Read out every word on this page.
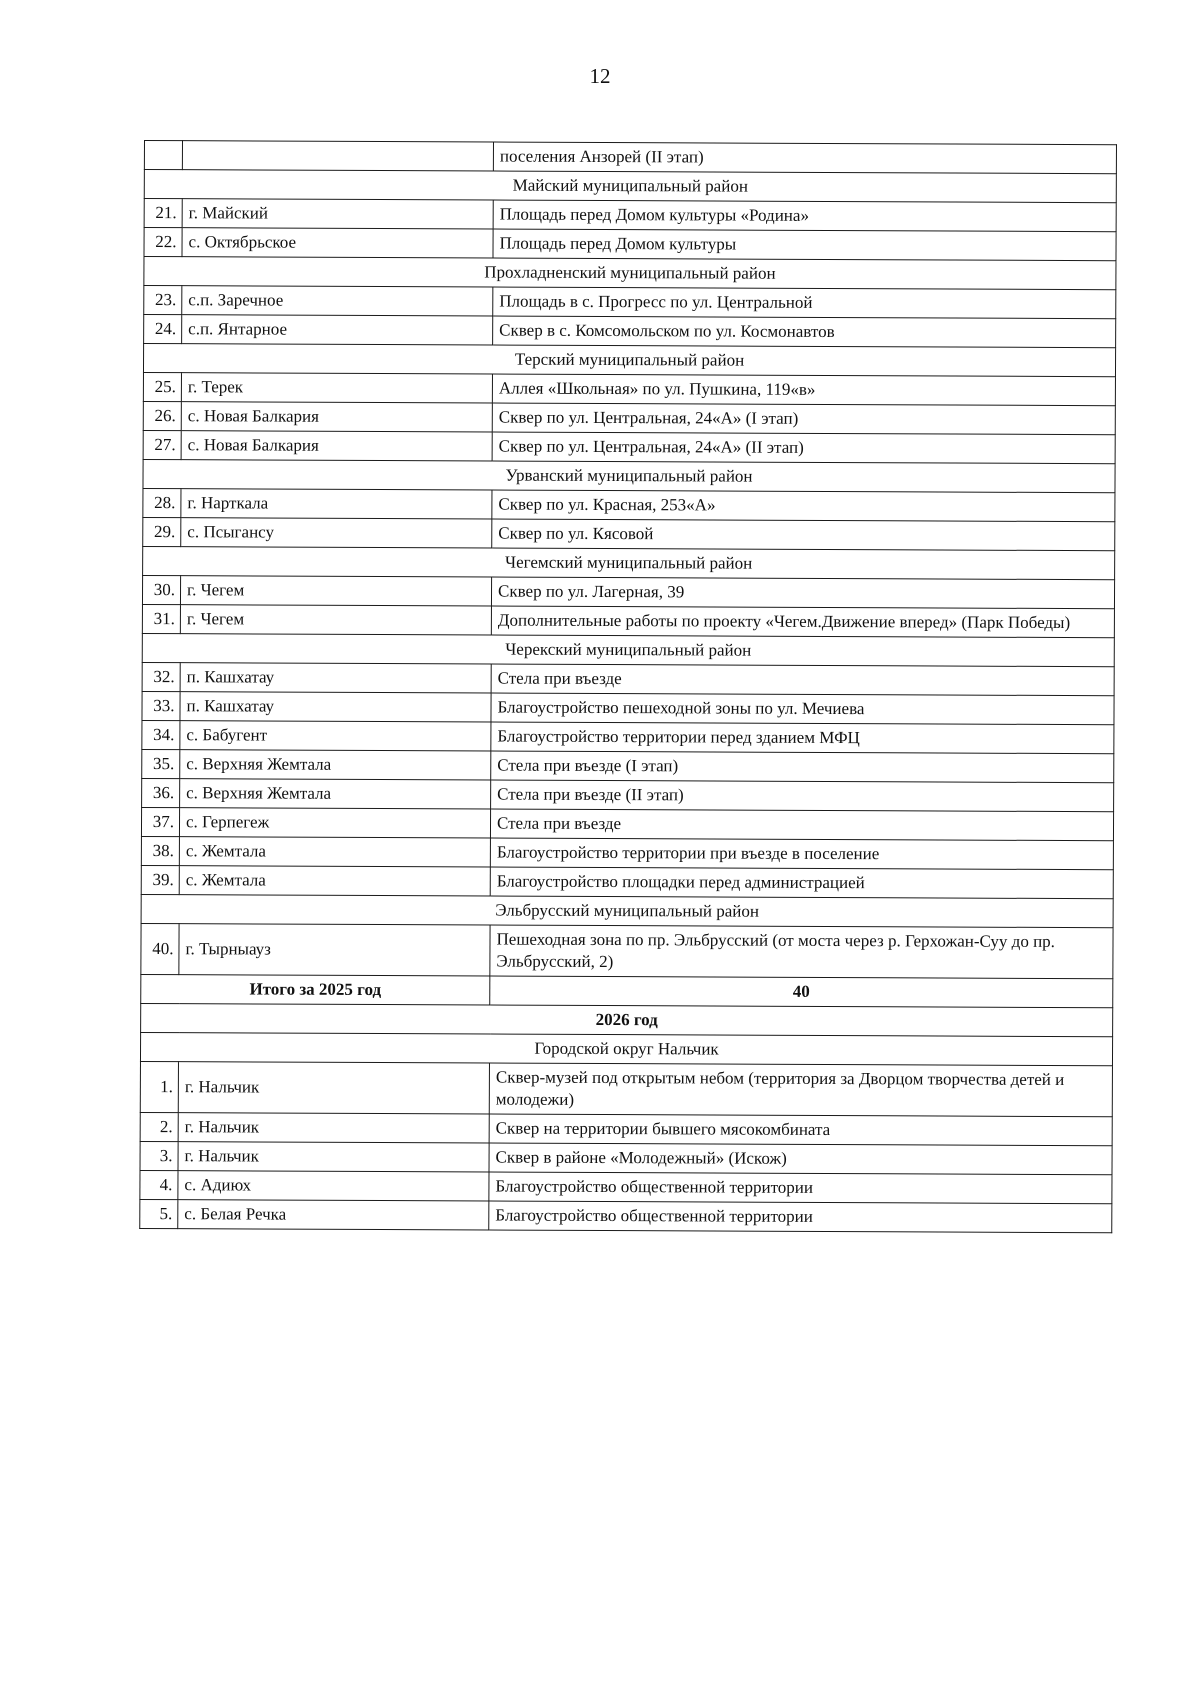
12
		поселения Анзорей (II этап)
Майский муниципальный район		
21.	г. Майский	Площадь перед Домом культуры «Родина»
22.	с. Октябрьское	Площадь перед Домом культуры
Прохладненский муниципальный район		
23.	с.п. Заречное	Площадь в с. Прогресс по ул. Центральной
24.	с.п. Янтарное	Сквер в с. Комсомольском по ул. Космонавтов
Терский муниципальный район		
25.	г. Терек	Аллея «Школьная» по ул. Пушкина, 119«в»
26.	с. Новая Балкария	Сквер по ул. Центральная, 24«А» (I этап)
27.	с. Новая Балкария	Сквер по ул. Центральная, 24«А» (II этап)
Урванский муниципальный район		
28.	г. Нарткала	Сквер по ул. Красная, 253«А»
29.	с. Псыгансу	Сквер по ул. Кясовой
Чегемский муниципальный район		
30.	г. Чегем	Сквер по ул. Лагерная, 39
31.	г. Чегем	Дополнительные работы по проекту «Чегем.Движение вперед» (Парк Победы)
Черекский муниципальный район		
32.	п. Кашхатау	Стела при въезде
33.	п. Кашхатау	Благоустройство пешеходной зоны по ул. Мечиева
34.	с. Бабугент	Благоустройство территории перед зданием МФЦ
35.	с. Верхняя Жемтала	Стела при въезде (I этап)
36.	с. Верхняя Жемтала	Стела при въезде (II этап)
37.	с. Герпегеж	Стела при въезде
38.	с. Жемтала	Благоустройство территории при въезде в поселение
39.	с. Жемтала	Благоустройство площадки перед администрацией
Эльбрусский муниципальный район		
40.	г. Тырныауз	Пешеходная зона по пр. Эльбрусский (от моста через р. Герхожан-Суу до пр. Эльбрусский, 2)
Итого за 2025 год		40
2026 год		
Городской округ Нальчик		
1.	г. Нальчик	Сквер-музей под открытым небом (территория за Дворцом творчества детей и молодежи)
2.	г. Нальчик	Сквер на территории бывшего мясокомбината
3.	г. Нальчик	Сквер в районе «Молодежный» (Искож)
4.	с. Адиюх	Благоустройство общественной территории
5.	с. Белая Речка	Благоустройство общественной территории
